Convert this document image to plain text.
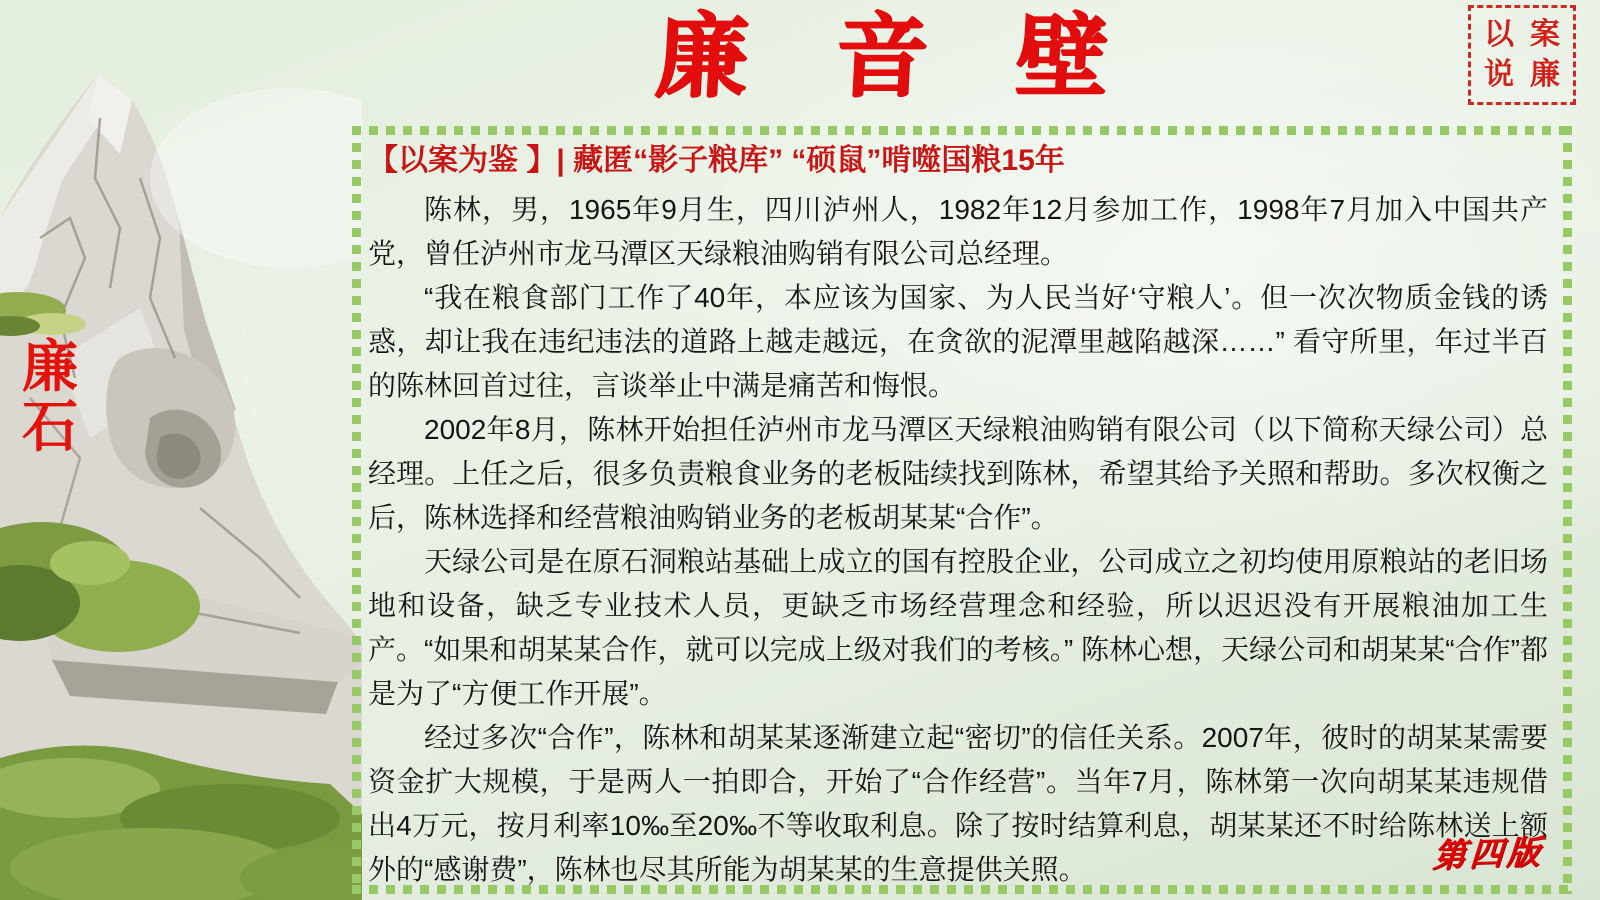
廉 音 壁	以案
说廉
廉
石
【以案为鉴 】| 藏匿“影子粮库” “硕鼠”啃噬国粮15年

陈林，男，1965年9月生，四川泸州人，1982年12月参加工作，1998年7月加入中国共产党，曾任泸州市龙马潭区天绿粮油购销有限公司总经理。

“我在粮食部门工作了40年，本应该为国家、为人民当好‘守粮人’。但一次次物质金钱的诱惑，却让我在违纪违法的道路上越走越远，在贪欲的泥潭里越陷越深……” 看守所里，年过半百的陈林回首过往，言谈举止中满是痛苦和悔恨。

2002年8月，陈林开始担任泸州市龙马潭区天绿粮油购销有限公司（以下简称天绿公司）总经理。上任之后，很多负责粮食业务的老板陆续找到陈林，希望其给予关照和帮助。多次权衡之后，陈林选择和经营粮油购销业务的老板胡某某“合作”。

天绿公司是在原石洞粮站基础上成立的国有控股企业，公司成立之初均使用原粮站的老旧场地和设备，缺乏专业技术人员，更缺乏市场经营理念和经验，所以迟迟没有开展粮油加工生产。“如果和胡某某合作，就可以完成上级对我们的考核。” 陈林心想，天绿公司和胡某某“合作”都是为了“方便工作开展”。

经过多次“合作”，陈林和胡某某逐渐建立起“密切”的信任关系。2007年，彼时的胡某某需要资金扩大规模，于是两人一拍即合，开始了“合作经营”。当年7月，陈林第一次向胡某某违规借出4万元，按月利率10‰至20‰不等收取利息。除了按时结算利息，胡某某还不时给陈林送上额外的“感谢费”，陈林也尽其所能为胡某某的生意提供关照。	第四版
